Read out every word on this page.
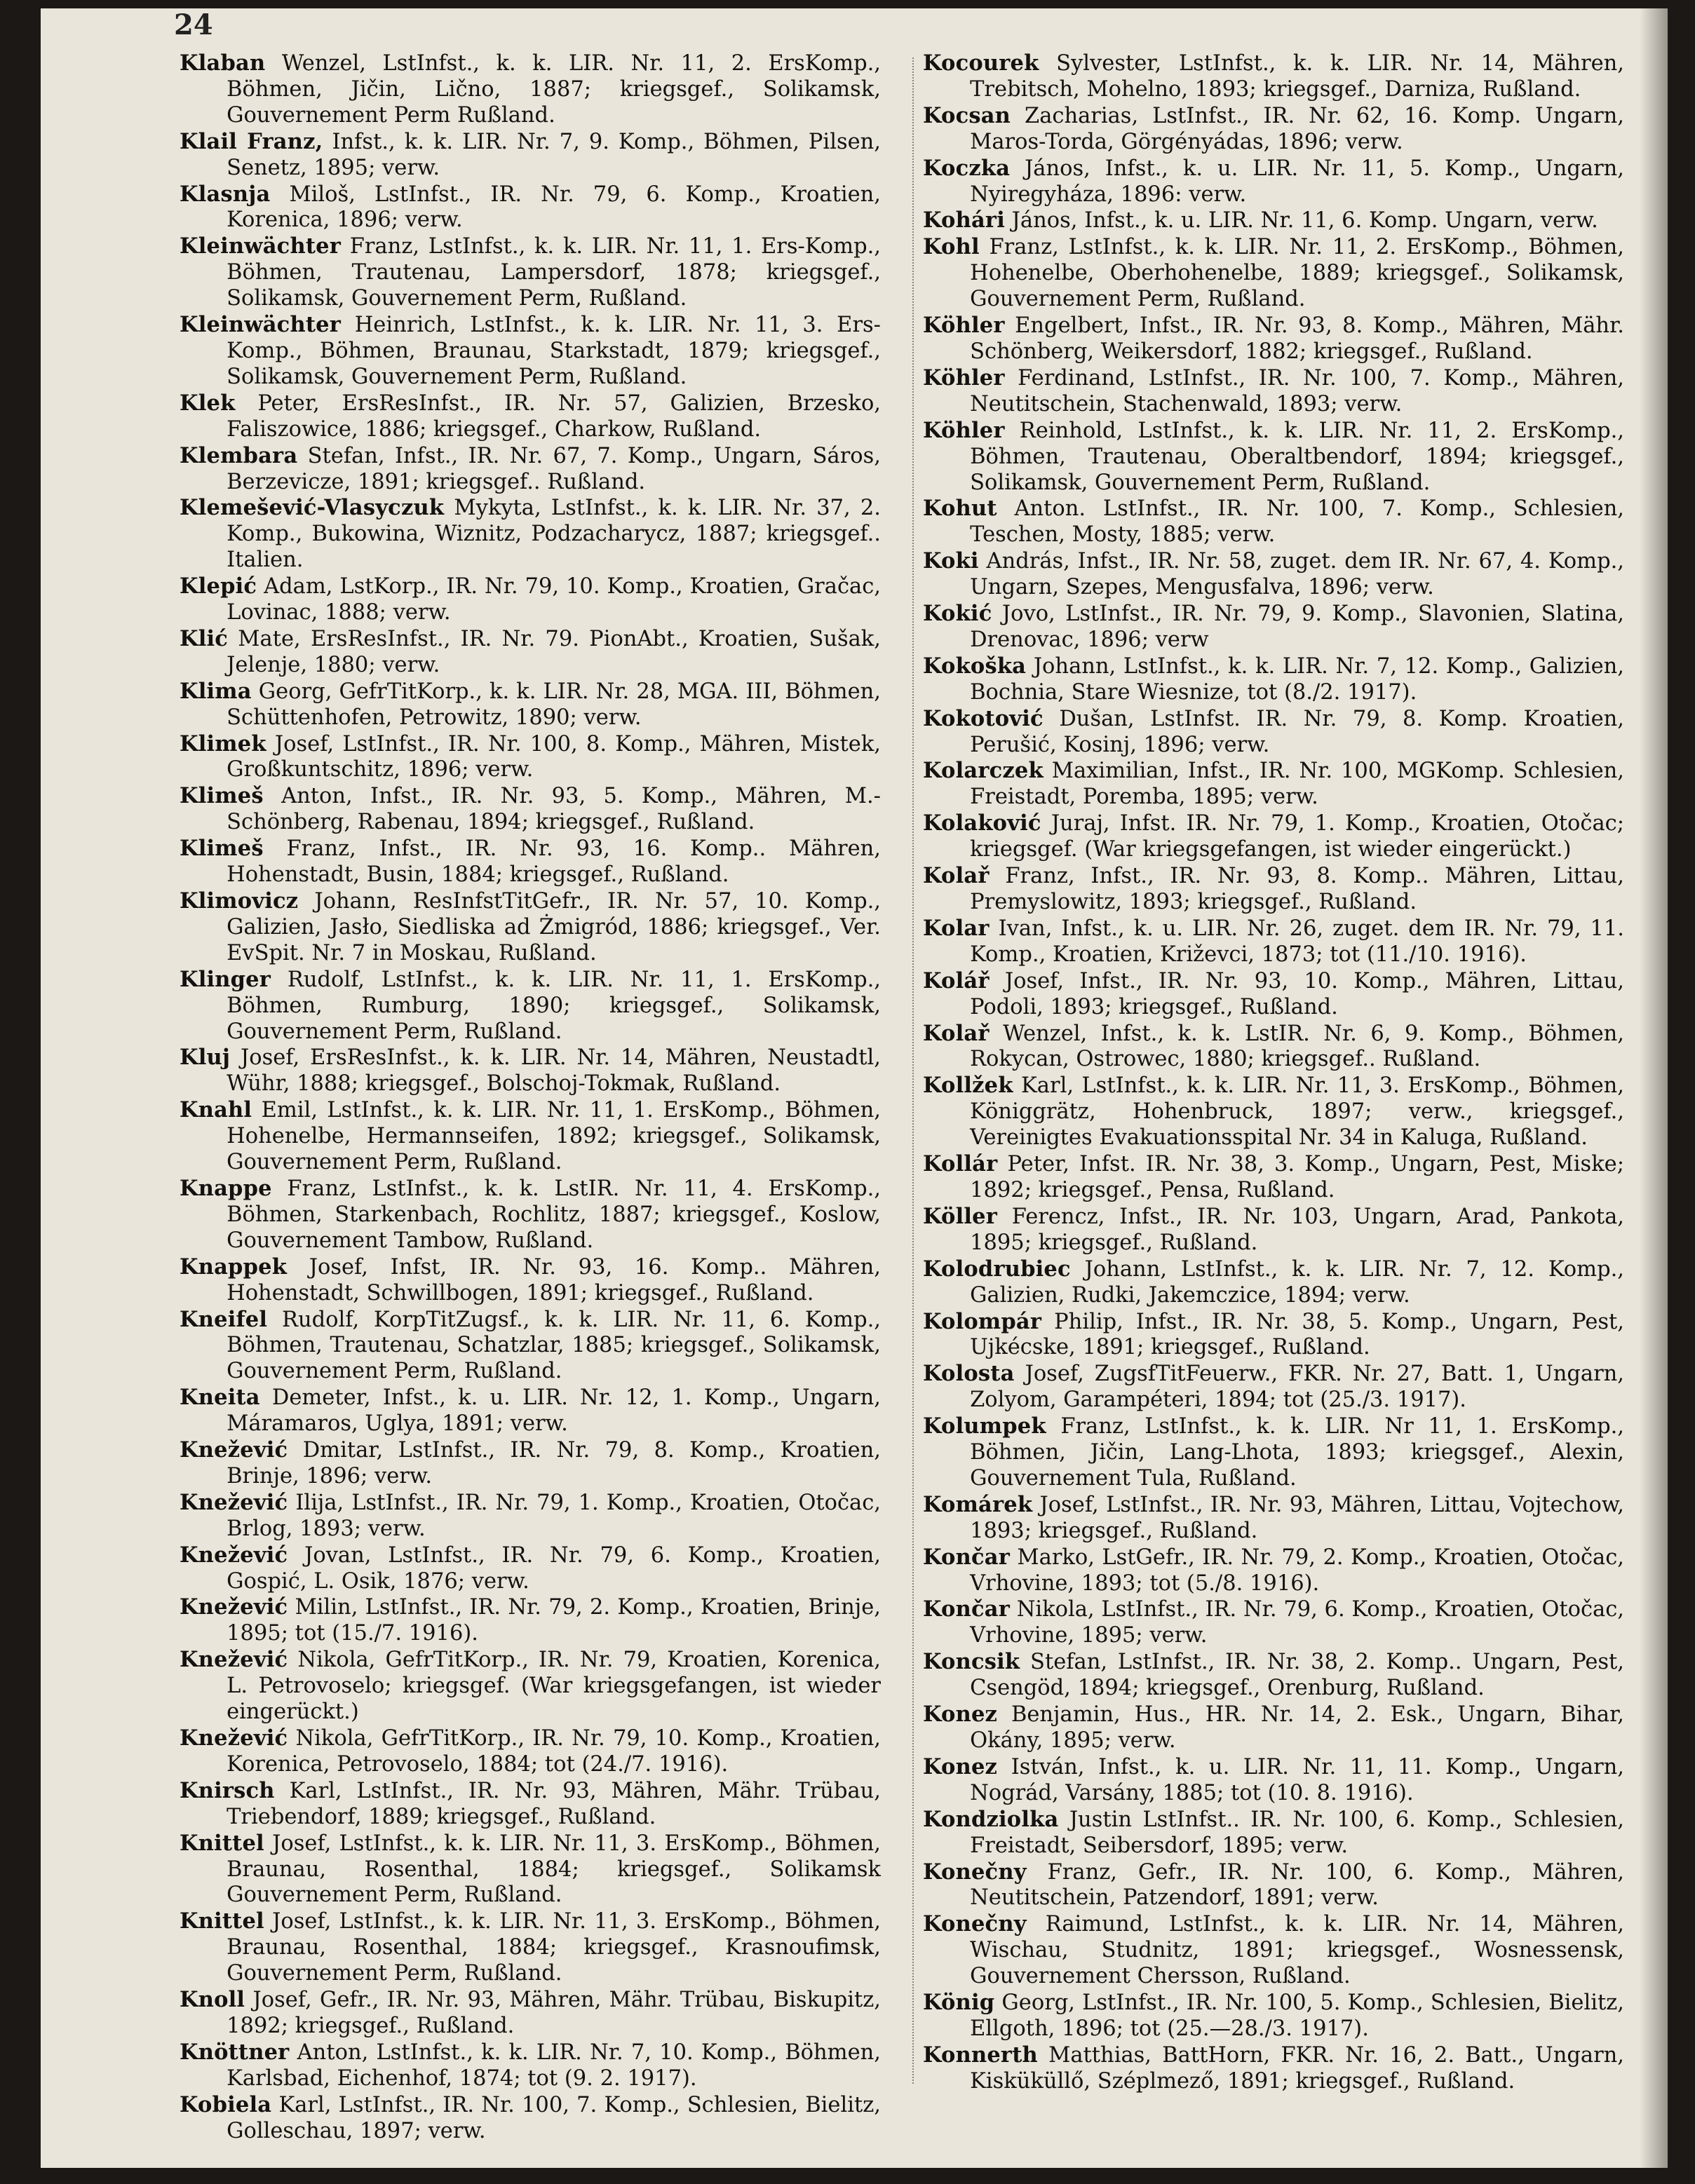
24

Klaban Wenzel, LstInfst., k. k. LIR. Nr. 11, 2. ErsKomp., Böhmen, Jičin, Lično, 1887; kriegsgef., Solikamsk, Gouvernement Perm Rußland.

Klail Franz, Infst., k. k. LIR. Nr. 7, 9. Komp., Böhmen, Pilsen, Senetz, 1895; verw.

Klasnja Miloš, LstInfst., IR. Nr. 79, 6. Komp., Kroatien, Korenica, 1896; verw.

Kleinwächter Franz, LstInfst., k. k. LIR. Nr. 11, 1. Ers-Komp., Böhmen, Trautenau, Lampersdorf, 1878; kriegsgef., Solikamsk, Gouvernement Perm, Rußland.

Kleinwächter Heinrich, LstInfst., k. k. LIR. Nr. 11, 3. Ers-Komp., Böhmen, Braunau, Starkstadt, 1879; kriegsgef., Solikamsk, Gouvernement Perm, Rußland.

Klek Peter, ErsResInfst., IR. Nr. 57, Galizien, Brzesko, Faliszowice, 1886; kriegsgef., Charkow, Rußland.

Klembara Stefan, Infst., IR. Nr. 67, 7. Komp., Ungarn, Sáros, Berzeviczе, 1891; kriegsgef.. Rußland.

Klemešević-Vlasyczuk Mykyta, LstInfst., k. k. LIR. Nr. 37, 2. Komp., Bukowina, Wiznitz, Podzacharycz, 1887; kriegsgef.. Italien.

Klepić Adam, LstKorp., IR. Nr. 79, 10. Komp., Kroatien, Gračac, Lovinac, 1888; verw.

Klić Mate, ErsResInfst., IR. Nr. 79. PionAbt., Kroatien, Sušak, Jelenje, 1880; verw.

Klima Georg, GefrTitKorp., k. k. LIR. Nr. 28, MGA. III, Böhmen, Schüttenhofen, Petrowitz, 1890; verw.

Klimek Josef, LstInfst., IR. Nr. 100, 8. Komp., Mähren, Mistek, Großkuntschitz, 1896; verw.

Klimeš Anton, Infst., IR. Nr. 93, 5. Komp., Mähren, M.-Schönberg, Rabenau, 1894; kriegsgef., Rußland.

Klimeš Franz, Infst., IR. Nr. 93, 16. Komp.. Mähren, Hohenstadt, Busin, 1884; kriegsgef., Rußland.

Klimovicz Johann, ResInfstTitGefr., IR. Nr. 57, 10. Komp., Galizien, Jasło, Siedliska ad Żmigród, 1886; kriegsgef., Ver. EvSpit. Nr. 7 in Moskau, Rußland.

Klinger Rudolf, LstInfst., k. k. LIR. Nr. 11, 1. ErsKomp., Böhmen, Rumburg, 1890; kriegsgef., Solikamsk, Gouvernement Perm, Rußland.

Kluj Josef, ErsResInfst., k. k. LIR. Nr. 14, Mähren, Neustadtl, Wühr, 1888; kriegsgef., Bolschoj-Tokmak, Rußland.

Knahl Emil, LstInfst., k. k. LIR. Nr. 11, 1. ErsKomp., Böhmen, Hohenelbe, Hermannseifen, 1892; kriegsgef., Solikamsk, Gouvernement Perm, Rußland.

Knappe Franz, LstInfst., k. k. LstIR. Nr. 11, 4. ErsKomp., Böhmen, Starkenbach, Rochlitz, 1887; kriegsgef., Koslow, Gouvernement Tambow, Rußland.

Knappek Josef, Infst, IR. Nr. 93, 16. Komp.. Mähren, Hohenstadt, Schwillbogen, 1891; kriegsgef., Rußland.

Kneifel Rudolf, KorpTitZugsf., k. k. LIR. Nr. 11, 6. Komp., Böhmen, Trautenau, Schatzlar, 1885; kriegsgef., Solikamsk, Gouvernement Perm, Rußland.

Kneita Demeter, Infst., k. u. LIR. Nr. 12, 1. Komp., Ungarn, Máramaros, Uglya, 1891; verw.

Knežević Dmitar, LstInfst., IR. Nr. 79, 8. Komp., Kroatien, Brinje, 1896; verw.

Knežević Ilija, LstInfst., IR. Nr. 79, 1. Komp., Kroatien, Otočac, Brlog, 1893; verw.

Knežević Jovan, LstInfst., IR. Nr. 79, 6. Komp., Kroatien, Gospić, L. Osik, 1876; verw.

Knežević Milin, LstInfst., IR. Nr. 79, 2. Komp., Kroatien, Brinje, 1895; tot (15./7. 1916).

Knežević Nikola, GefrTitKorp., IR. Nr. 79, Kroatien, Korenica, L. Petrovoselo; kriegsgef. (War kriegsgefangen, ist wieder eingerückt.)

Knežević Nikola, GefrTitKorp., IR. Nr. 79, 10. Komp., Kroatien, Korenica, Petrovoselo, 1884; tot (24./7. 1916).

Knirsch Karl, LstInfst., IR. Nr. 93, Mähren, Mähr. Trübau, Triebendorf, 1889; kriegsgef., Rußland.

Knittel Josef, LstInfst., k. k. LIR. Nr. 11, 3. ErsKomp., Böhmen, Braunau, Rosenthal, 1884; kriegsgef., Solikamsk Gouvernement Perm, Rußland.

Knittel Josef, LstInfst., k. k. LIR. Nr. 11, 3. ErsKomp., Böhmen, Braunau, Rosenthal, 1884; kriegsgef., Krasnoufimsk, Gouvernement Perm, Rußland.

Knoll Josef, Gefr., IR. Nr. 93, Mähren, Mähr. Trübau, Biskupitz, 1892; kriegsgef., Rußland.

Knöttner Anton, LstInfst., k. k. LIR. Nr. 7, 10. Komp., Böhmen, Karlsbad, Eichenhof, 1874; tot (9. 2. 1917).

Kobiela Karl, LstInfst., IR. Nr. 100, 7. Komp., Schlesien, Bielitz, Golleschau, 1897; verw.

Kocourek Sylvester, LstInfst., k. k. LIR. Nr. 14, Mähren, Trebitsch, Mohelno, 1893; kriegsgef., Darniza, Rußland.

Kocsan Zacharias, LstInfst., IR. Nr. 62, 16. Komp. Ungarn, Maros-Torda, Görgényádas, 1896; verw.

Koczka János, Infst., k. u. LIR. Nr. 11, 5. Komp., Ungarn, Nyiregyháza, 1896: verw.

Kohári János, Infst., k. u. LIR. Nr. 11, 6. Komp. Ungarn, verw.

Kohl Franz, LstInfst., k. k. LIR. Nr. 11, 2. ErsKomp., Böhmen, Hohenelbe, Oberhohenelbe, 1889; kriegsgef., Solikamsk, Gouvernement Perm, Rußland.

Köhler Engelbert, Infst., IR. Nr. 93, 8. Komp., Mähren, Mähr. Schönberg, Weikersdorf, 1882; kriegsgef., Rußland.

Köhler Ferdinand, LstInfst., IR. Nr. 100, 7. Komp., Mähren, Neutitschein, Stachenwald, 1893; verw.

Köhler Reinhold, LstInfst., k. k. LIR. Nr. 11, 2. ErsKomp., Böhmen, Trautenau, Oberaltbendorf, 1894; kriegsgef., Solikamsk, Gouvernement Perm, Rußland.

Kohut Anton. LstInfst., IR. Nr. 100, 7. Komp., Schlesien, Teschen, Mosty, 1885; verw.

Koki András, Infst., IR. Nr. 58, zuget. dem IR. Nr. 67, 4. Komp., Ungarn, Szepes, Mengusfalva, 1896; verw.

Kokić Jovo, LstInfst., IR. Nr. 79, 9. Komp., Slavonien, Slatina, Drenovac, 1896; verw

Kokoška Johann, LstInfst., k. k. LIR. Nr. 7, 12. Komp., Galizien, Bochnia, Stare Wiesnize, tot (8./2. 1917).

Kokotović Dušan, LstInfst. IR. Nr. 79, 8. Komp. Kroatien, Perušić, Kosinj, 1896; verw.

Kolarczek Maximilian, Infst., IR. Nr. 100, MGKomp. Schlesien, Freistadt, Poremba, 1895; verw.

Kolaković Juraj, Infst. IR. Nr. 79, 1. Komp., Kroatien, Otočac; kriegsgef. (War kriegsgefangen, ist wieder eingerückt.)

Kolař Franz, Infst., IR. Nr. 93, 8. Komp.. Mähren, Littau, Premyslowitz, 1893; kriegsgef., Rußland.

Kolar Ivan, Infst., k. u. LIR. Nr. 26, zuget. dem IR. Nr. 79, 11. Komp., Kroatien, Križevci, 1873; tot (11./10. 1916).

Kolář Josef, Infst., IR. Nr. 93, 10. Komp., Mähren, Littau, Podoli, 1893; kriegsgef., Rußland.

Kolař Wenzel, Infst., k. k. LstIR. Nr. 6, 9. Komp., Böhmen, Rokycan, Ostrowec, 1880; kriegsgef.. Rußland.

Kollžek Karl, LstInfst., k. k. LIR. Nr. 11, 3. ErsKomp., Böhmen, Königgrätz, Hohenbruck, 1897; verw., kriegsgef., Vereinigtes Evakuationsspital Nr. 34 in Kaluga, Rußland.

Kollár Peter, Infst. IR. Nr. 38, 3. Komp., Ungarn, Pest, Miske; 1892; kriegsgef., Pensa, Rußland.

Köller Ferencz, Infst., IR. Nr. 103, Ungarn, Arad, Pankota, 1895; kriegsgef., Rußland.

Kolodrubiec Johann, LstInfst., k. k. LIR. Nr. 7, 12. Komp., Galizien, Rudki, Jakemczice, 1894; verw.

Kolompár Philip, Infst., IR. Nr. 38, 5. Komp., Ungarn, Pest, Ujkécske, 1891; kriegsgef., Rußland.

Kolosta Josef, ZugsfTitFeuerw., FKR. Nr. 27, Batt. 1, Ungarn, Zolyom, Garampéteri, 1894; tot (25./3. 1917).

Kolumpek Franz, LstInfst., k. k. LIR. Nr 11, 1. ErsKomp., Böhmen, Jičin, Lang-Lhota, 1893; kriegsgef., Alexin, Gouvernement Tula, Rußland.

Komárek Josef, LstInfst., IR. Nr. 93, Mähren, Littau, Vojtechow, 1893; kriegsgef., Rußland.

Končar Marko, LstGefr., IR. Nr. 79, 2. Komp., Kroatien, Otočac, Vrhovine, 1893; tot (5./8. 1916).

Končar Nikola, LstInfst., IR. Nr. 79, 6. Komp., Kroatien, Otočac, Vrhovine, 1895; verw.

Koncsik Stefan, LstInfst., IR. Nr. 38, 2. Komp.. Ungarn, Pest, Csengöd, 1894; kriegsgef., Orenburg, Rußland.

Konez Benjamin, Hus., HR. Nr. 14, 2. Esk., Ungarn, Bihar, Okány, 1895; verw.

Konez István, Infst., k. u. LIR. Nr. 11, 11. Komp., Ungarn, Nográd, Varsány, 1885; tot (10. 8. 1916).

Kondziolka Justin LstInfst.. IR. Nr. 100, 6. Komp., Schlesien, Freistadt, Seibersdorf, 1895; verw.

Konečny Franz, Gefr., IR. Nr. 100, 6. Komp., Mähren, Neutitschein, Patzendorf, 1891; verw.

Konečny Raimund, LstInfst., k. k. LIR. Nr. 14, Mähren, Wischau, Studnitz, 1891; kriegsgef., Wosnessensk, Gouvernement Chersson, Rußland.

König Georg, LstInfst., IR. Nr. 100, 5. Komp., Schlesien, Bielitz, Ellgoth, 1896; tot (25.—28./3. 1917).

Konnerth Matthias, BattHorn, FKR. Nr. 16, 2. Batt., Ungarn, Kisküküllő, Széplmező, 1891; kriegsgef., Rußland.
